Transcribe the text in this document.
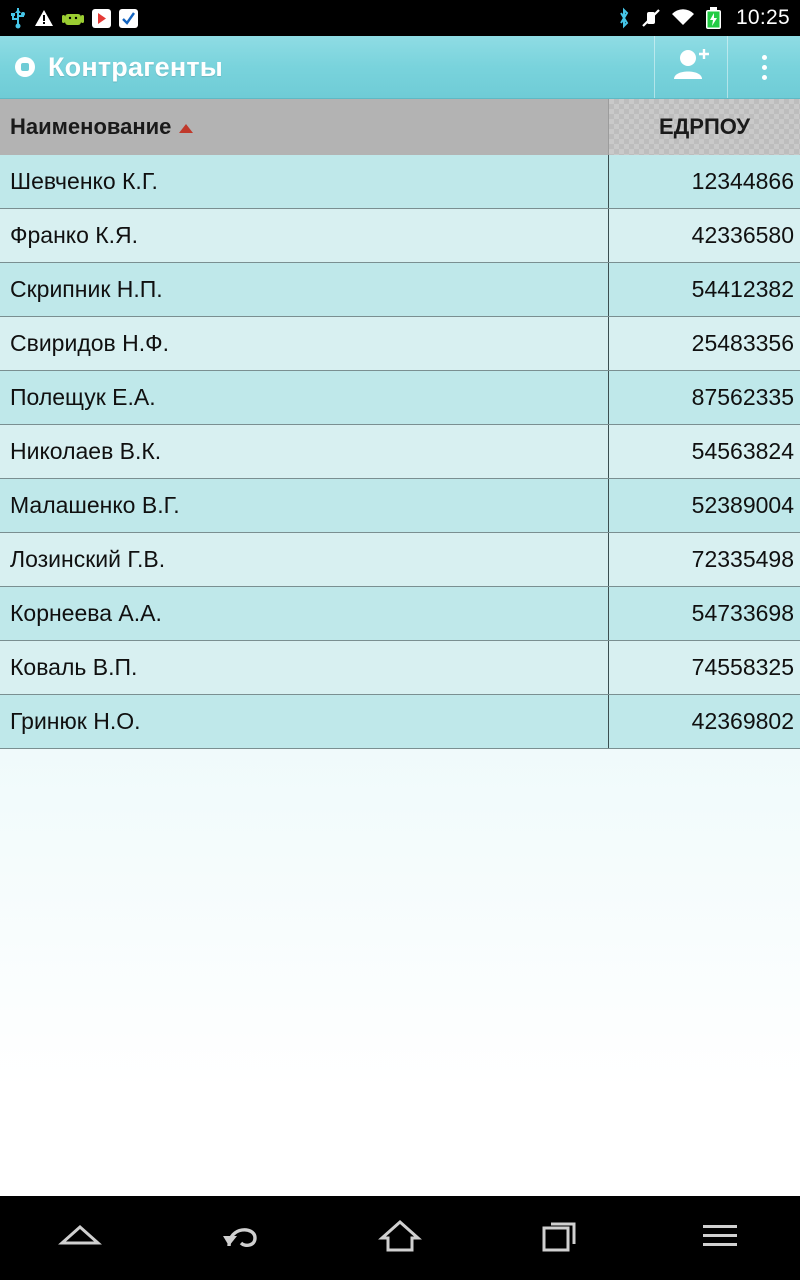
10:25
Контрагенты
Наименование	ЕДРПОУ
Шевченко К.Г.	12344866
Франко К.Я.	42336580
Скрипник Н.П.	54412382
Свиридов Н.Ф.	25483356
Полещук Е.А.	87562335
Николаев В.К.	54563824
Малашенко В.Г.	52389004
Лозинский Г.В.	72335498
Корнеева А.А.	54733698
Коваль В.П.	74558325
Гринюк Н.О.	42369802
